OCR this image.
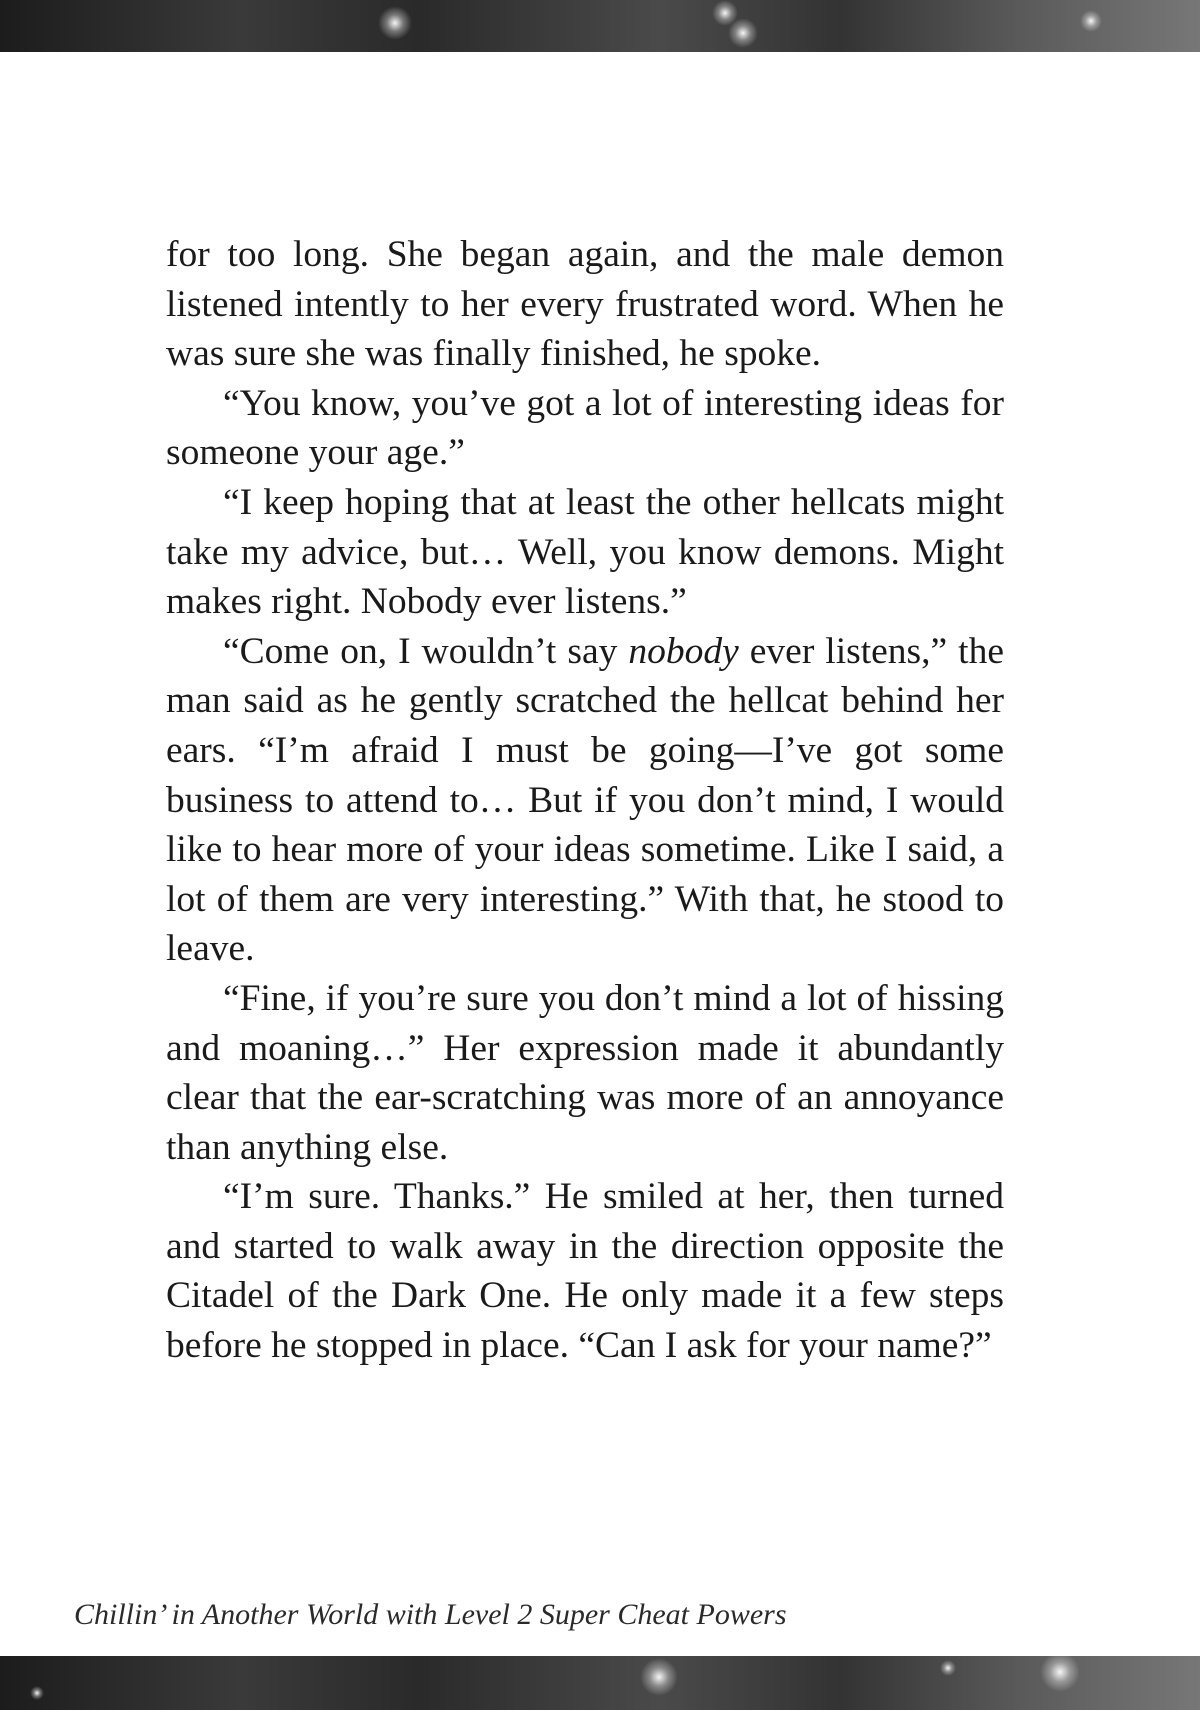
for too long. She began again, and the male demon listened intently to her every frustrated word. When he was sure she was finally finished, he spoke.

“You know, you’ve got a lot of interesting ideas for someone your age.”

“I keep hoping that at least the other hellcats might take my advice, but… Well, you know demons. Might makes right. Nobody ever listens.”

“Come on, I wouldn’t say nobody ever listens,” the man said as he gently scratched the hellcat behind her ears. “I’m afraid I must be going—I’ve got some business to attend to… But if you don’t mind, I would like to hear more of your ideas sometime. Like I said, a lot of them are very interesting.” With that, he stood to leave.

“Fine, if you’re sure you don’t mind a lot of hissing and moaning…” Her expression made it abundantly clear that the ear-scratching was more of an annoyance than anything else.

“I’m sure. Thanks.” He smiled at her, then turned and started to walk away in the direction opposite the Citadel of the Dark One. He only made it a few steps before he stopped in place. “Can I ask for your name?”

Chillin’ in Another World with Level 2 Super Cheat Powers
